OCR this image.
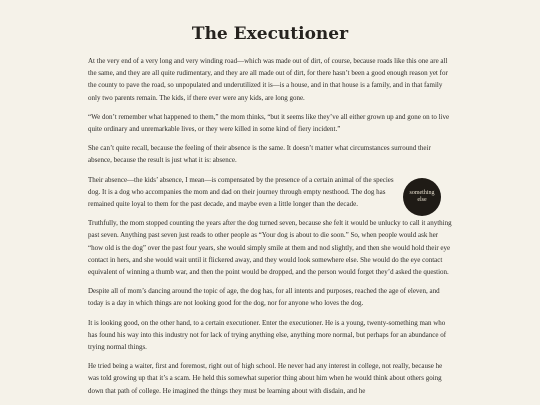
The Executioner

At the very end of a very long and very winding road—which was made out of dirt, of course, because roads like this one are all the same, and they are all quite rudimentary, and they are all made out of dirt, for there hasn’t been a good enough reason yet for the county to pave the road, so unpopulated and underutilized it is—is a house, and in that house is a family, and in that family only two parents remain. The kids, if there ever were any kids, are long gone.

“We don’t remember what happened to them,” the mom thinks, “but it seems like they’ve all either grown up and gone on to live quite ordinary and unremarkable lives, or they were killed in some kind of fiery incident.”

She can’t quite recall, because the feeling of their absence is the same. It doesn’t matter what circumstances surround their absence, because the result is just what it is: absence.

Their absence—the kids’ absence, I mean—is compensated by the presence of a certain animal of the species dog. It is a dog who accompanies the mom and dad on their journey through empty nesthood. The dog has remained quite loyal to them for the past decade, and maybe even a little longer than the decade.

Truthfully, the mom stopped counting the years after the dog turned seven, because she felt it would be unlucky to call it anything past seven. Anything past seven just reads to other people as “Your dog is about to die soon.” So, when people would ask her “how old is the dog” over the past four years, she would simply smile at them and nod slightly, and then she would hold their eye contact in hers, and she would wait until it flickered away, and they would look somewhere else. She would do the eye contact equivalent of winning a thumb war, and then the point would be dropped, and the person would forget they’d asked the question.

Despite all of mom’s dancing around the topic of age, the dog has, for all intents and purposes, reached the age of eleven, and today is a day in which things are not looking good for the dog, nor for anyone who loves the dog.

It is looking good, on the other hand, to a certain executioner. Enter the executioner. He is a young, twenty-something man who has found his way into this industry not for lack of trying anything else, anything more normal, but perhaps for an abundance of trying normal things.

He tried being a waiter, first and foremost, right out of high school. He never had any interest in college, not really, because he was told growing up that it’s a scam. He held this somewhat superior thing about him when he would think about others going down that path of college. He imagined the things they must be learning about with disdain, and he

something else
